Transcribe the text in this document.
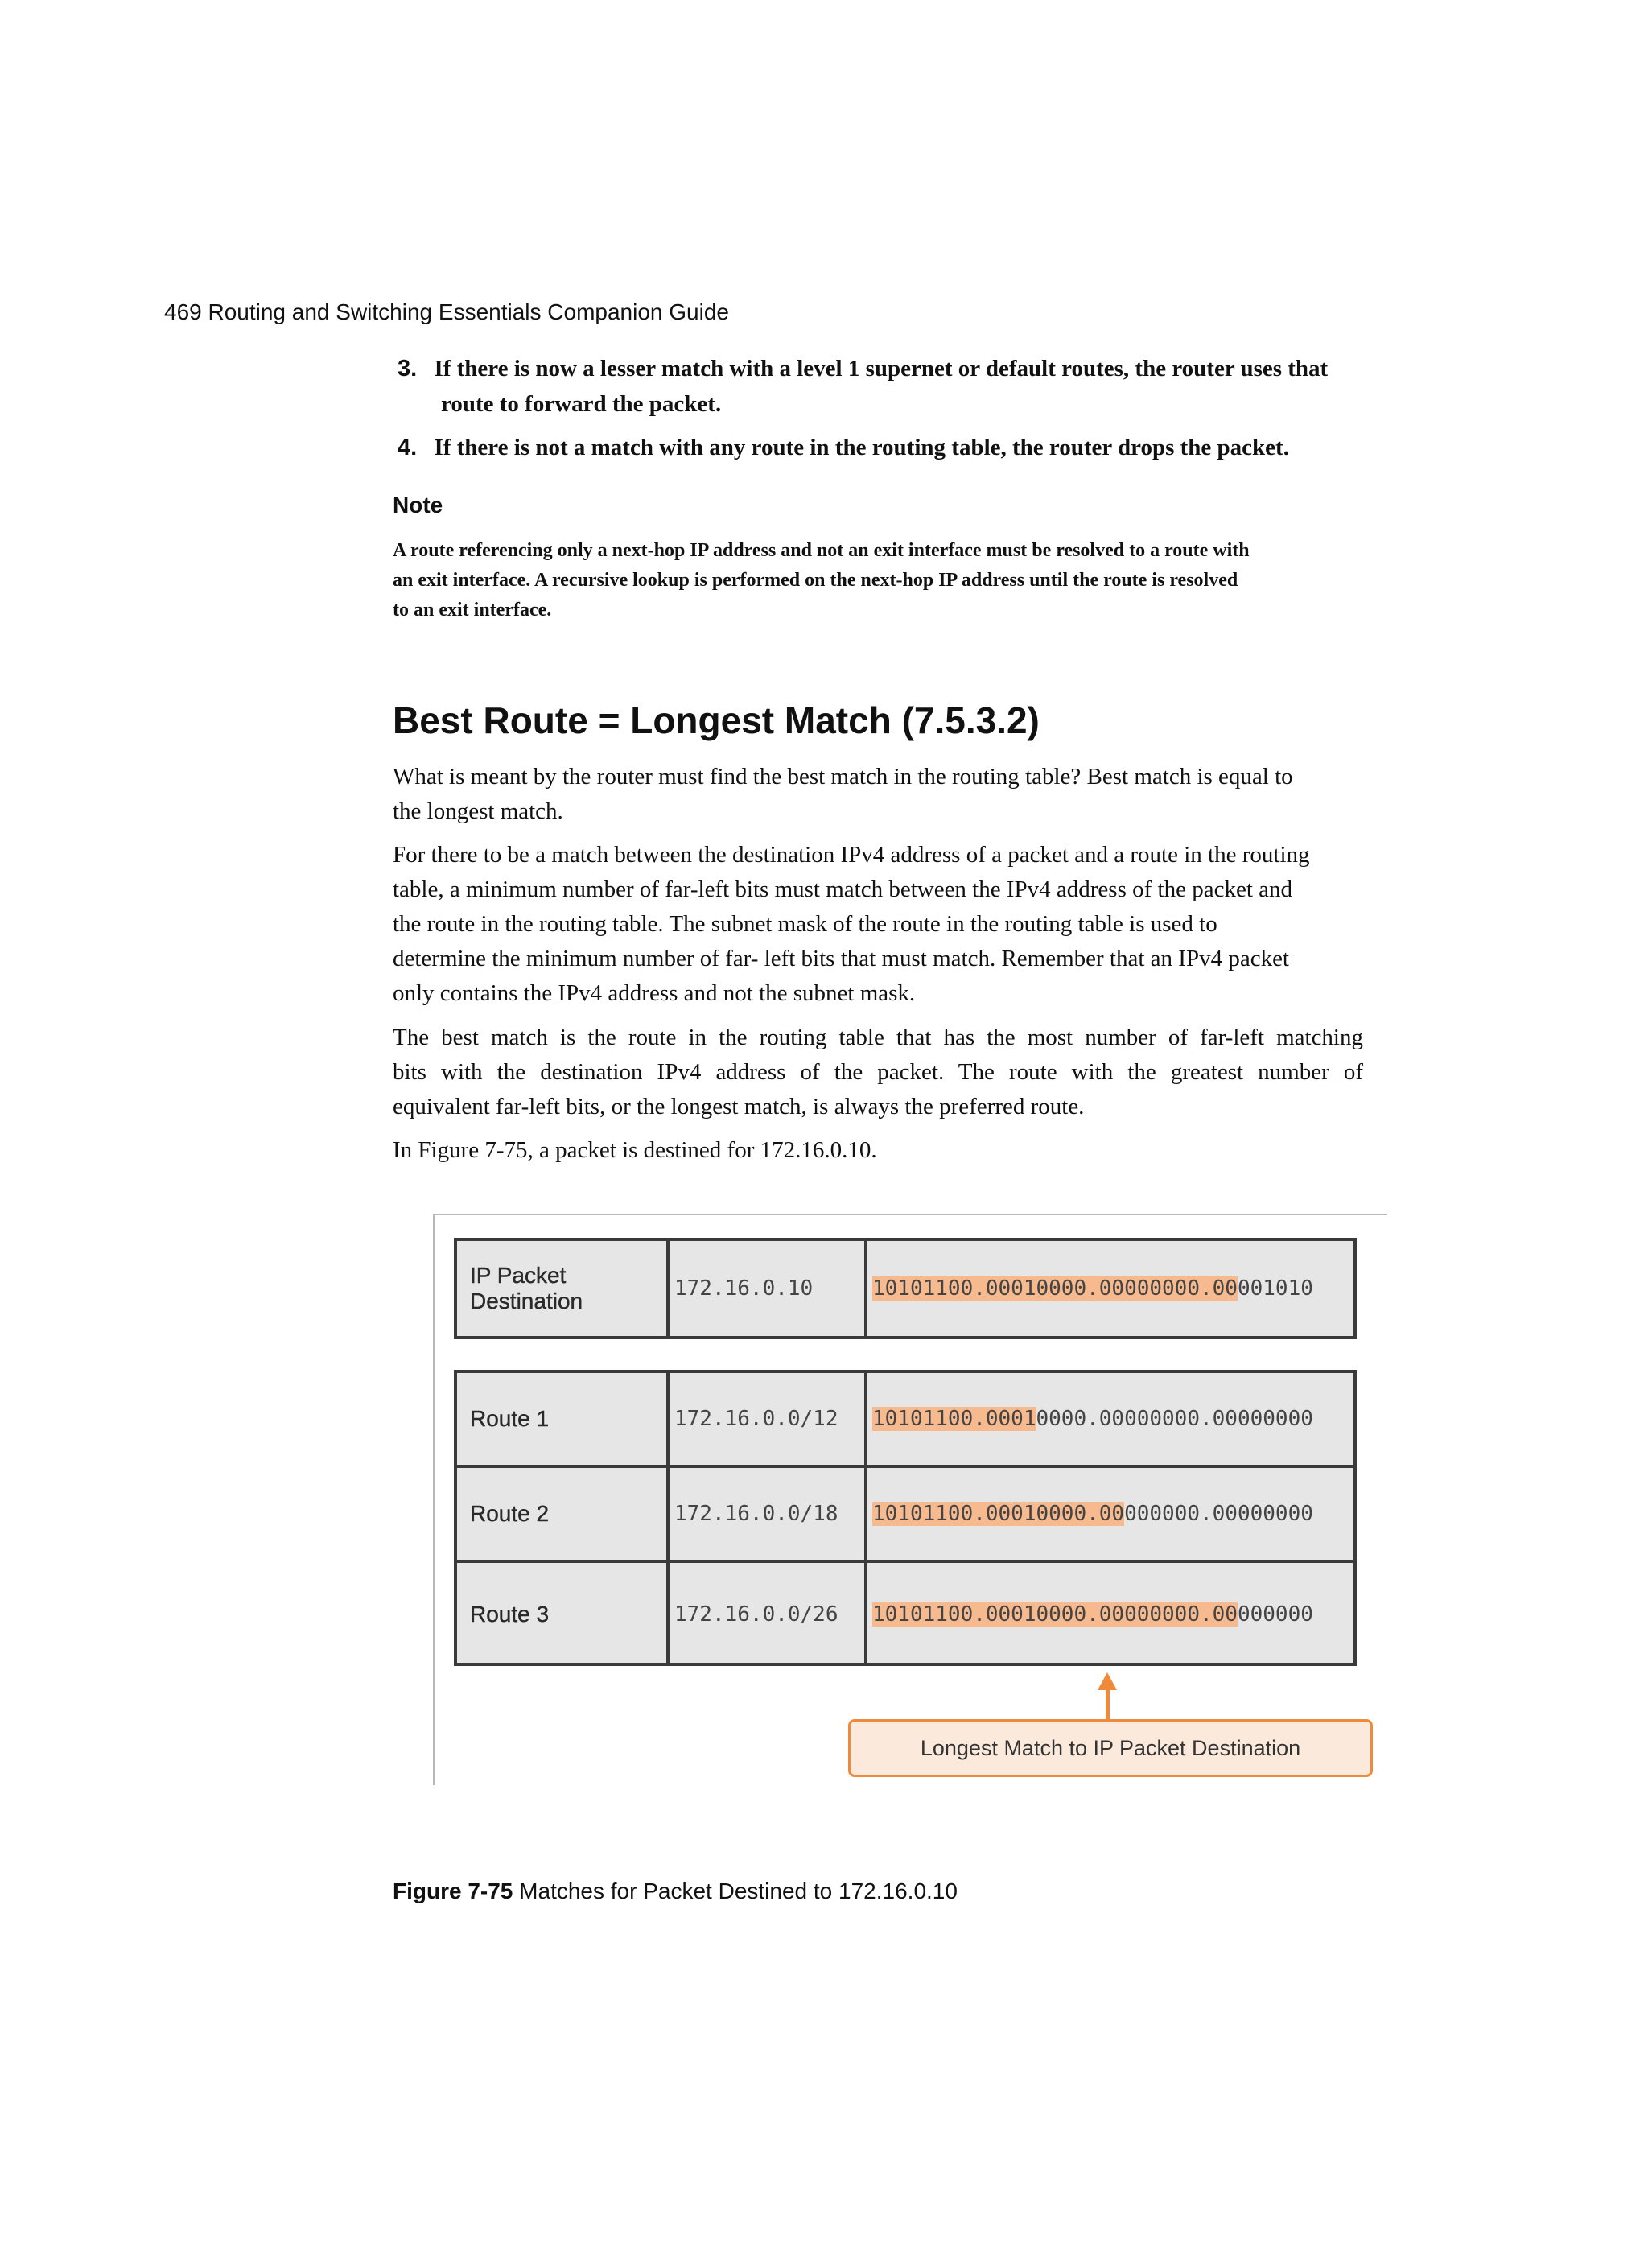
469 Routing and Switching Essentials Companion Guide
3. If there is now a lesser match with a level 1 supernet or default routes, the router uses that
route to forward the packet.
4. If there is not a match with any route in the routing table, the router drops the packet.
Note
A route referencing only a next-hop IP address and not an exit interface must be resolved to a route with
an exit interface. A recursive lookup is performed on the next-hop IP address until the route is resolved
to an exit interface.
Best Route = Longest Match (7.5.3.2)
What is meant by the router must find the best match in the routing table? Best match is equal to
the longest match.
For there to be a match between the destination IPv4 address of a packet and a route in the routing
table, a minimum number of far-left bits must match between the IPv4 address of the packet and
the route in the routing table. The subnet mask of the route in the routing table is used to
determine the minimum number of far- left bits that must match. Remember that an IPv4 packet
only contains the IPv4 address and not the subnet mask.
The best match is the route in the routing table that has the most number of far-left matching
bits with the destination IPv4 address of the packet. The route with the greatest number of
equivalent far-left bits, or the longest match, is always the preferred route.
In Figure 7-75, a packet is destined for 172.16.0.10.
IP Packet
Destination	172.16.0.10	10101100.00010000.00000000.00 001010
Route 1	172.16.0.0/12	10101100.0001 0000.00000000.00000000
Route 2	172.16.0.0/18	10101100.00010000.00 000000.00000000
Route 3	172.16.0.0/26	10101100.00010000.00000000.00 000000
Longest Match to IP Packet Destination
Figure 7-75 Matches for Packet Destined to 172.16.0.10
